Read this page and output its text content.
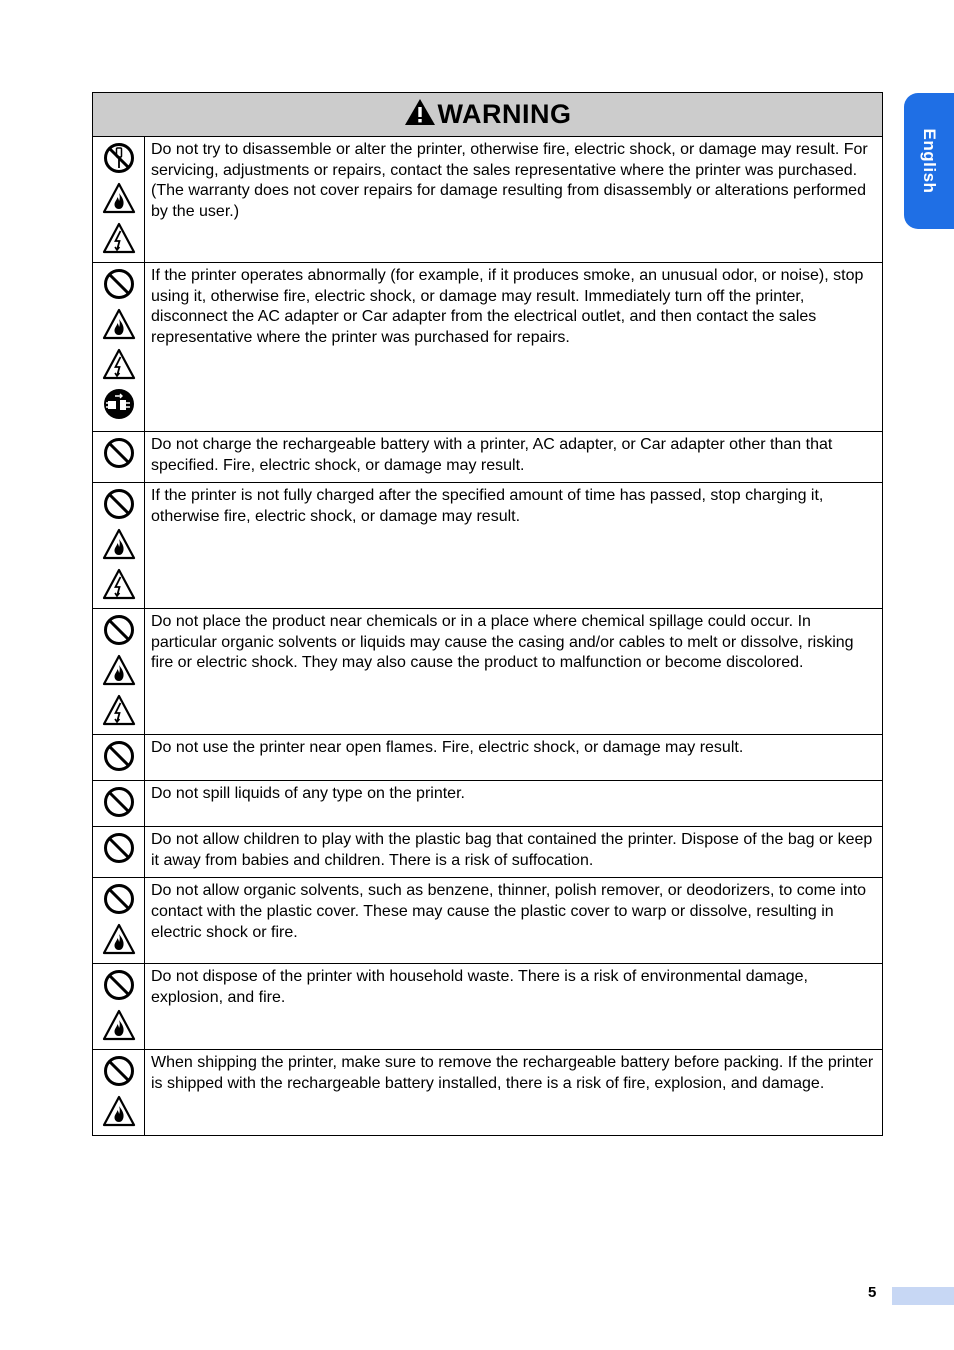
WARNING	

	Do not try to disassemble or alter the printer, otherwise fire, electric shock, or damage may result. For servicing, adjustments or repairs, contact the sales representative where the printer was purchased. (The warranty does not cover repairs for damage resulting from disassembly or alterations performed by the user.)

	If the printer operates abnormally (for example, if it produces smoke, an unusual odor, or noise), stop using it, otherwise fire, electric shock, or damage may result. Immediately turn off the printer, disconnect the AC adapter or Car adapter from the electrical outlet, and then contact the sales representative where the printer was purchased for repairs.

	Do not charge the rechargeable battery with a printer, AC adapter, or Car adapter other than that specified. Fire, electric shock, or damage may result.

	If the printer is not fully charged after the specified amount of time has passed, stop charging it, otherwise fire, electric shock, or damage may result.

	Do not place the product near chemicals or in a place where chemical spillage could occur. In particular organic solvents or liquids may cause the casing and/or cables to melt or dissolve, risking fire or electric shock. They may also cause the product to malfunction or become discolored.

	Do not use the printer near open flames. Fire, electric shock, or damage may result.

	Do not spill liquids of any type on the printer.

	Do not allow children to play with the plastic bag that contained the printer. Dispose of the bag or keep it away from babies and children. There is a risk of suffocation.

	Do not allow organic solvents, such as benzene, thinner, polish remover, or deodorizers, to come into contact with the plastic cover. These may cause the plastic cover to warp or dissolve, resulting in electric shock or fire.

	Do not dispose of the printer with household waste. There is a risk of environmental damage, explosion, and fire.

	When shipping the printer, make sure to remove the rechargeable battery before packing. If the printer is shipped with the rechargeable battery installed, there is a risk of fire, explosion, and damage.
English
5
